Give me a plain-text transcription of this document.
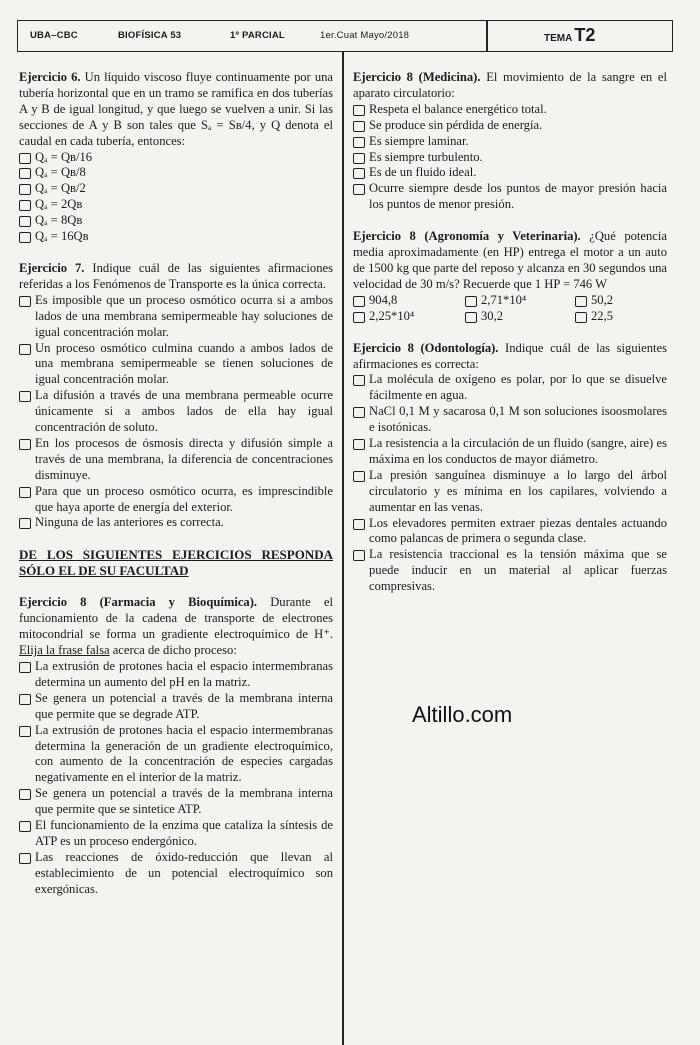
UBA–CBC	BIOFÍSICA 53	1º PARCIAL	1er.Cuat Mayo/2018	TEMA T2

Ejercicio 6. Un líquido viscoso fluye continuamente por una tubería horizontal que en un tramo se ramifica en dos tuberías A y B de igual longitud, y que luego se vuelven a unir. Si las secciones de A y B son tales que Sₐ = Sʙ/4, y Q denota el caudal en cada tubería, entonces:

Qₐ = Qʙ/16
Qₐ = Qʙ/8
Qₐ = Qʙ/2
Qₐ = 2Qʙ
Qₐ = 8Qʙ
Qₐ = 16Qʙ

Ejercicio 7. Indique cuál de las siguientes afirmaciones referidas a los Fenómenos de Transporte es la única correcta.

Es imposible que un proceso osmótico ocurra si a ambos lados de una membrana semipermeable hay soluciones de igual concentración molar.
Un proceso osmótico culmina cuando a ambos lados de una membrana semipermeable se tienen soluciones de igual concentración molar.
La difusión a través de una membrana permeable ocurre únicamente si a ambos lados de ella hay igual concentración de soluto.
En los procesos de ósmosis directa y difusión simple a través de una membrana, la diferencia de concentraciones disminuye.
Para que un proceso osmótico ocurra, es imprescindible que haya aporte de energía del exterior.
Ninguna de las anteriores es correcta.
DE LOS SIGUIENTES EJERCICIOS RESPONDA SÓLO EL DE SU FACULTAD

Ejercicio 8 (Farmacia y Bioquímica). Durante el funcionamiento de la cadena de transporte de electrones mitocondrial se forma un gradiente electroquímico de H⁺. Elija la frase falsa acerca de dicho proceso:

La extrusión de protones hacia el espacio intermembranas determina un aumento del pH en la matriz.
Se genera un potencial a través de la membrana interna que permite que se degrade ATP.
La extrusión de protones hacia el espacio intermembranas determina la generación de un gradiente electroquímico, con aumento de la concentración de especies cargadas negativamente en el interior de la matriz.
Se genera un potencial a través de la membrana interna que permite que se sintetice ATP.
El funcionamiento de la enzima que cataliza la síntesis de ATP es un proceso endergónico.
Las reacciones de óxido-reducción que llevan al establecimiento de un potencial electroquímico son exergónicas.

Ejercicio 8 (Medicina). El movimiento de la sangre en el aparato circulatorio:

Respeta el balance energético total.
Se produce sin pérdida de energía.
Es siempre laminar.
Es siempre turbulento.
Es de un fluido ideal.
Ocurre siempre desde los puntos de mayor presión hacia los puntos de menor presión.

Ejercicio 8 (Agronomía y Veterinaria). ¿Qué potencia media aproximadamente (en HP) entrega el motor a un auto de 1500 kg que parte del reposo y alcanza en 30 segundos una velocidad de 30 m/s? Recuerde que 1 HP = 746 W

904,8	2,71*10⁴	50,2
2,25*10⁴	30,2	22,5

Ejercicio 8 (Odontología). Indique cuál de las siguientes afirmaciones es correcta:

La molécula de oxígeno es polar, por lo que se disuelve fácilmente en agua.
NaCl 0,1 M y sacarosa 0,1 M son soluciones isoosmolares e isotónicas.
La resistencia a la circulación de un fluido (sangre, aire) es máxima en los conductos de mayor diámetro.
La presión sanguínea disminuye a lo largo del árbol circulatorio y es mínima en los capilares, volviendo a aumentar en las venas.
Los elevadores permiten extraer piezas dentales actuando como palancas de primera o segunda clase.
La resistencia traccional es la tensión máxima que se puede inducir en un material al aplicar fuerzas compresivas.
Altillo.com
